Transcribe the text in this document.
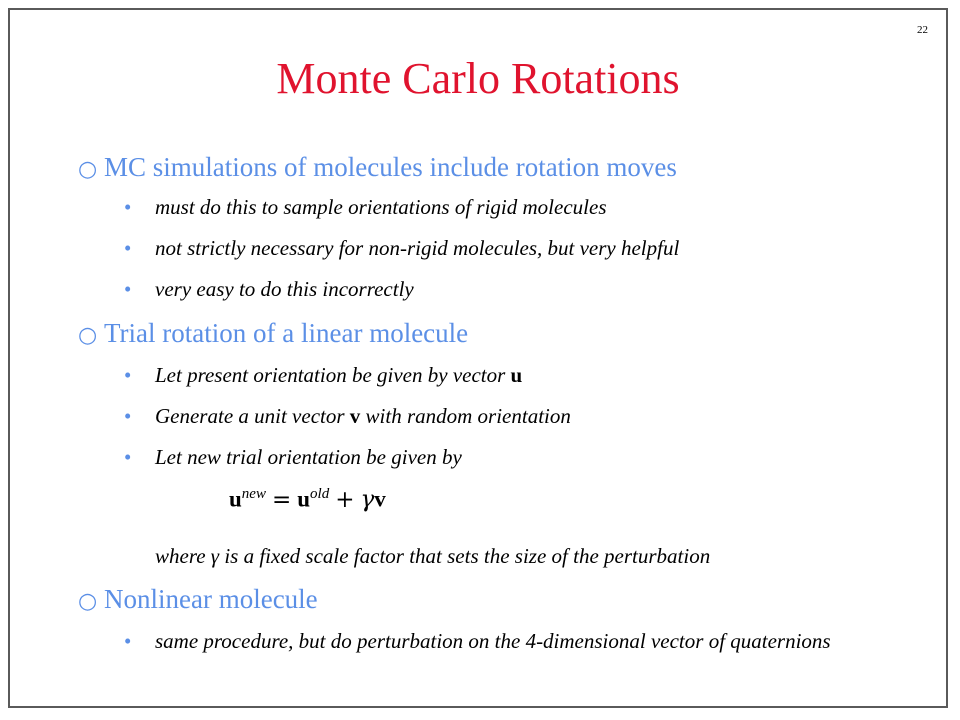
22
Monte Carlo Rotations
○ MC simulations of molecules include rotation moves
•	must do this to sample orientations of rigid molecules
•	not strictly necessary for non-rigid molecules, but very helpful
•	very easy to do this incorrectly
○ Trial rotation of a linear molecule
•	Let present orientation be given by vector u
•	Generate a unit vector v with random orientation
•	Let new trial orientation be given by
$u^{new} = u^{old} + \gamma v$
where γ is a fixed scale factor that sets the size of the perturbation
○ Nonlinear molecule
•	same procedure, but do perturbation on the 4-dimensional vector of quaternions
